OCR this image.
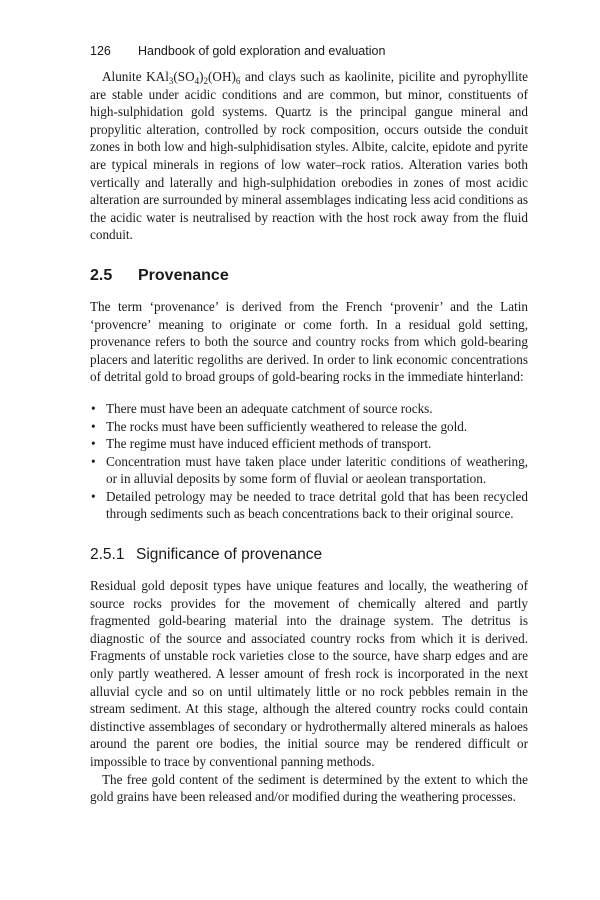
126 Handbook of gold exploration and evaluation

Alunite $KAl_3(SO_4)_2(OH)_6$ and clays such as kaolinite, picilite and pyrophyllite are stable under acidic conditions and are common, but minor, constituents of high-sulphidation gold systems. Quartz is the principal gangue mineral and propylitic alteration, controlled by rock composition, occurs outside the conduit zones in both low and high-sulphidisation styles. Albite, calcite, epidote and pyrite are typical minerals in regions of low water–rock ratios. Alteration varies both vertically and laterally and high-sulphidation orebodies in zones of most acidic alteration are surrounded by mineral assemblages indicating less acid conditions as the acidic water is neutralised by reaction with the host rock away from the fluid conduit.

2.5 Provenance

The term ‘provenance’ is derived from the French ‘provenir’ and the Latin ‘provencre’ meaning to originate or come forth. In a residual gold setting, provenance refers to both the source and country rocks from which gold-bearing placers and lateritic regoliths are derived. In order to link economic concentrations of detrital gold to broad groups of gold-bearing rocks in the immediate hinterland:

• There must have been an adequate catchment of source rocks.
• The rocks must have been sufficiently weathered to release the gold.
• The regime must have induced efficient methods of transport.
• Concentration must have taken place under lateritic conditions of weathering, or in alluvial deposits by some form of fluvial or aeolean transportation.
• Detailed petrology may be needed to trace detrital gold that has been recycled through sediments such as beach concentrations back to their original source.
2.5.1 Significance of provenance

Residual gold deposit types have unique features and locally, the weathering of source rocks provides for the movement of chemically altered and partly fragmented gold-bearing material into the drainage system. The detritus is diagnostic of the source and associated country rocks from which it is derived. Fragments of unstable rock varieties close to the source, have sharp edges and are only partly weathered. A lesser amount of fresh rock is incorporated in the next alluvial cycle and so on until ultimately little or no rock pebbles remain in the stream sediment. At this stage, although the altered country rocks could contain distinctive assemblages of secondary or hydrothermally altered minerals as haloes around the parent ore bodies, the initial source may be rendered difficult or impossible to trace by conventional panning methods.

The free gold content of the sediment is determined by the extent to which the gold grains have been released and/or modified during the weathering processes.
